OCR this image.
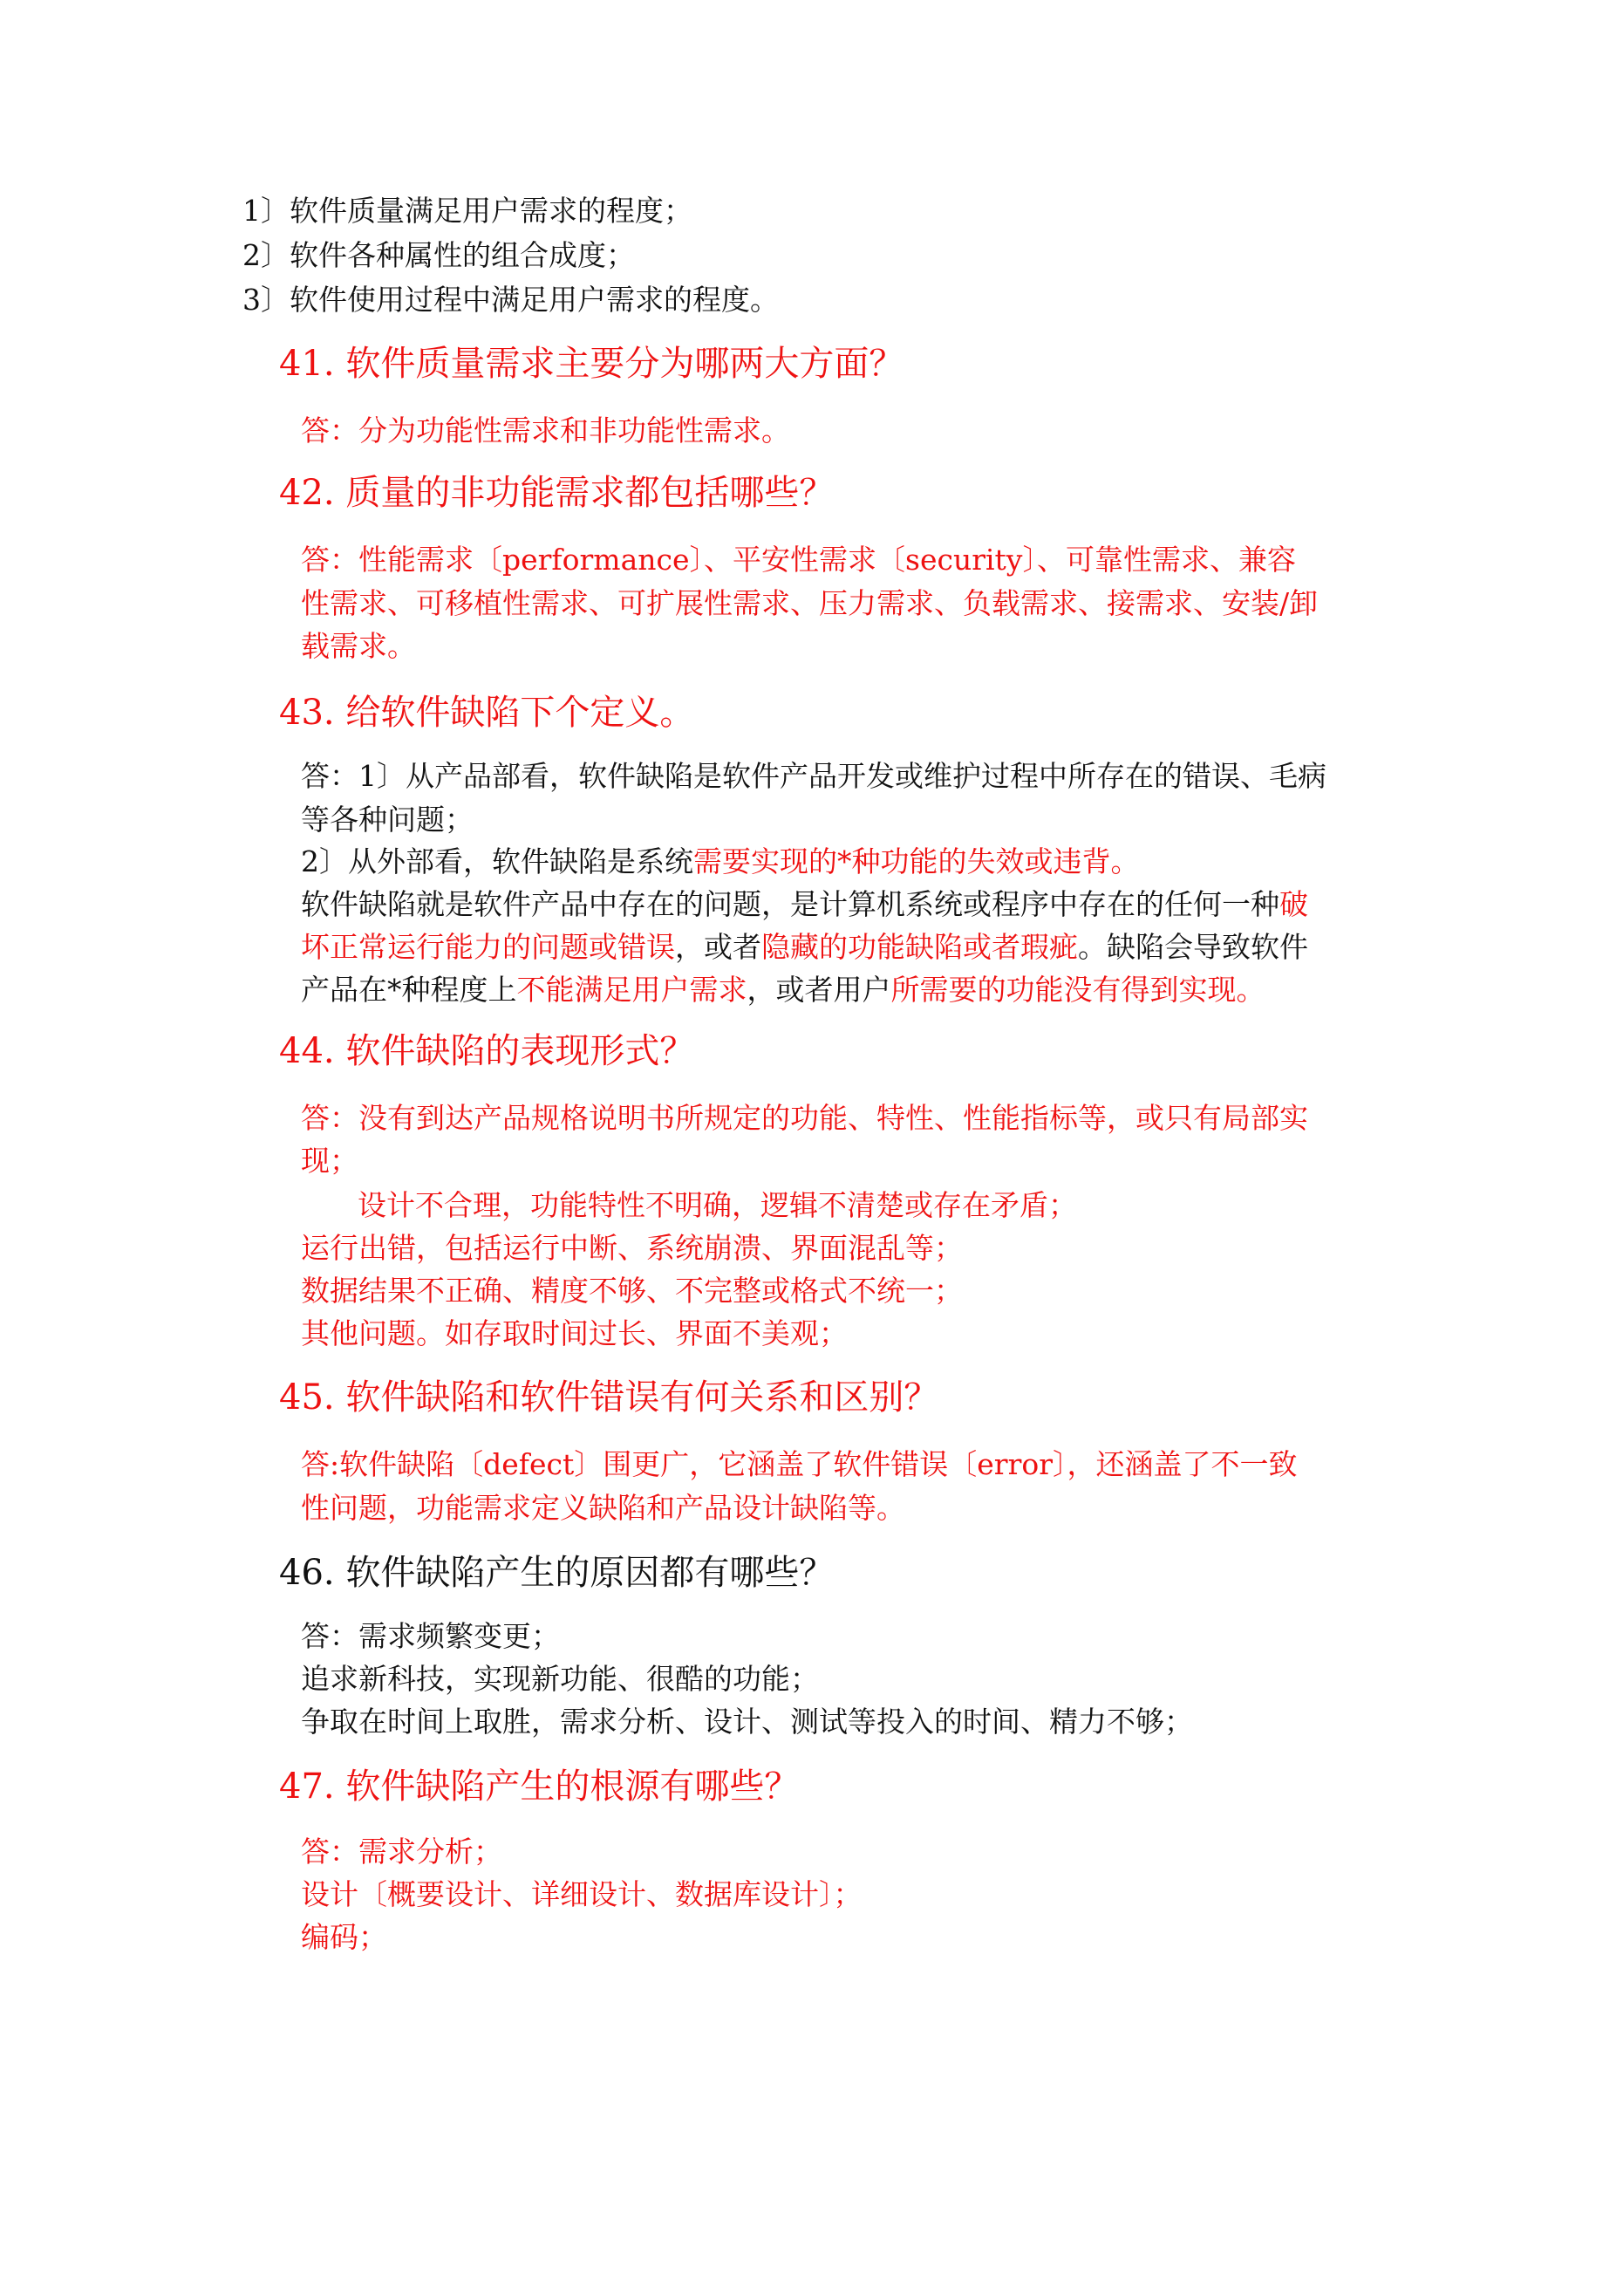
1〕软件质量满足用户需求的程度；
2〕软件各种属性的组合成度；
3〕软件使用过程中满足用户需求的程度。
41. 软件质量需求主要分为哪两大方面？
答：分为功能性需求和非功能性需求。
42. 质量的非功能需求都包括哪些？
答：性能需求〔performance〕、平安性需求〔security〕、可靠性需求、兼容
性需求、可移植性需求、可扩展性需求、压力需求、负载需求、接需求、安装/卸
载需求。
43. 给软件缺陷下个定义。
答：1〕从产品部看，软件缺陷是软件产品开发或维护过程中所存在的错误、毛病
等各种问题；
2〕从外部看，软件缺陷是系统需要实现的*种功能的失效或违背。
软件缺陷就是软件产品中存在的问题，是计算机系统或程序中存在的任何一种破
坏正常运行能力的问题或错误，或者隐藏的功能缺陷或者瑕疵。缺陷会导致软件
产品在*种程度上不能满足用户需求，或者用户所需要的功能没有得到实现。
44. 软件缺陷的表现形式？
答：没有到达产品规格说明书所规定的功能、特性、性能指标等，或只有局部实
现；
设计不合理，功能特性不明确，逻辑不清楚或存在矛盾；
运行出错，包括运行中断、系统崩溃、界面混乱等；
数据结果不正确、精度不够、不完整或格式不统一；
其他问题。如存取时间过长、界面不美观；
45. 软件缺陷和软件错误有何关系和区别？
答:软件缺陷〔defect〕围更广，它涵盖了软件错误〔error〕，还涵盖了不一致
性问题，功能需求定义缺陷和产品设计缺陷等。
46. 软件缺陷产生的原因都有哪些？
答：需求频繁变更；
追求新科技，实现新功能、很酷的功能；
争取在时间上取胜，需求分析、设计、测试等投入的时间、精力不够；
47. 软件缺陷产生的根源有哪些？
答：需求分析；
设计〔概要设计、详细设计、数据库设计〕；
编码；
